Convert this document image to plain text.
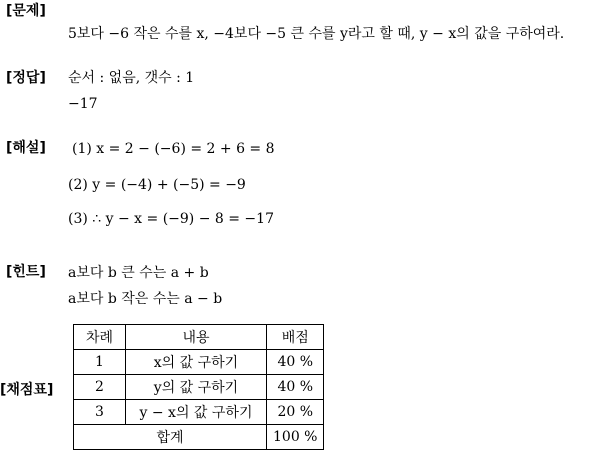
[문제]
5보다 −6 작은 수를 x, −4보다 −5 큰 수를 y라고 할 때, y − x의 값을 구하여라.
[정답] 순서 : 없음, 갯수 : 1
−17
[해설] (1) x = 2 − (−6) = 2 + 6 = 8
(2) y = (−4) + (−5) = −9
(3) ∴ y − x = (−9) − 8 = −17
[힌트] a보다 b 큰 수는 a + b
a보다 b 작은 수는 a − b
[채점표]
차례	내용	배점
1	x의 값 구하기	40 %
2	y의 값 구하기	40 %
3	y − x의 값 구하기	20 %
합계		100 %
